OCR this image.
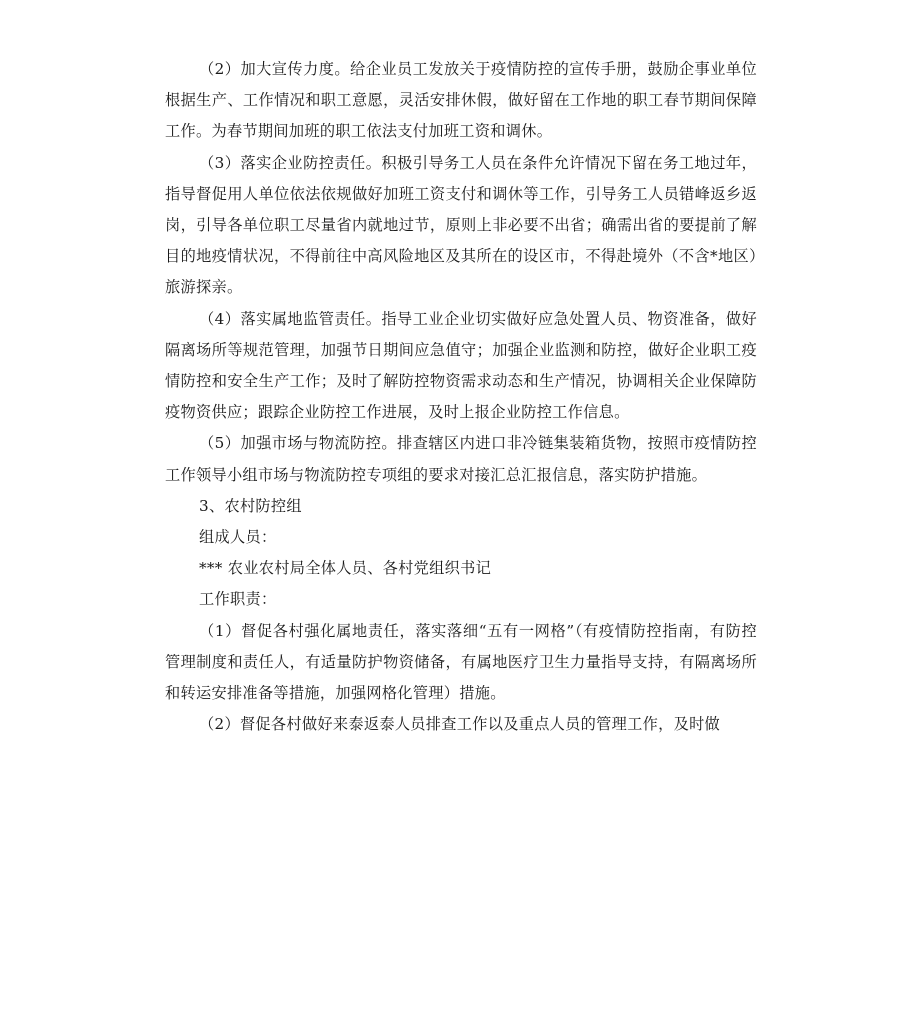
（2）加大宣传力度。给企业员工发放关于疫情防控的宣传手册，鼓励企事业单位根据生产、工作情况和职工意愿，灵活安排休假，做好留在工作地的职工春节期间保障工作。为春节期间加班的职工依法支付加班工资和调休。

（3）落实企业防控责任。积极引导务工人员在条件允许情况下留在务工地过年，指导督促用人单位依法依规做好加班工资支付和调休等工作，引导务工人员错峰返乡返岗，引导各单位职工尽量省内就地过节，原则上非必要不出省；确需出省的要提前了解目的地疫情状况，不得前往中高风险地区及其所在的设区市，不得赴境外（不含*地区）旅游探亲。

（4）落实属地监管责任。指导工业企业切实做好应急处置人员、物资准备，做好隔离场所等规范管理，加强节日期间应急值守；加强企业监测和防控，做好企业职工疫情防控和安全生产工作；及时了解防控物资需求动态和生产情况，协调相关企业保障防疫物资供应；跟踪企业防控工作进展，及时上报企业防控工作信息。

（5）加强市场与物流防控。排查辖区内进口非冷链集装箱货物，按照市疫情防控工作领导小组市场与物流防控专项组的要求对接汇总汇报信息，落实防护措施。

3、农村防控组

组成人员：

*** 农业农村局全体人员、各村党组织书记

工作职责：

（1）督促各村强化属地责任，落实落细“五有一网格”（有疫情防控指南，有防控管理制度和责任人，有适量防护物资储备，有属地医疗卫生力量指导支持，有隔离场所和转运安排准备等措施，加强网格化管理）措施。

（2）督促各村做好来泰返泰人员排查工作以及重点人员的管理工作，及时做
